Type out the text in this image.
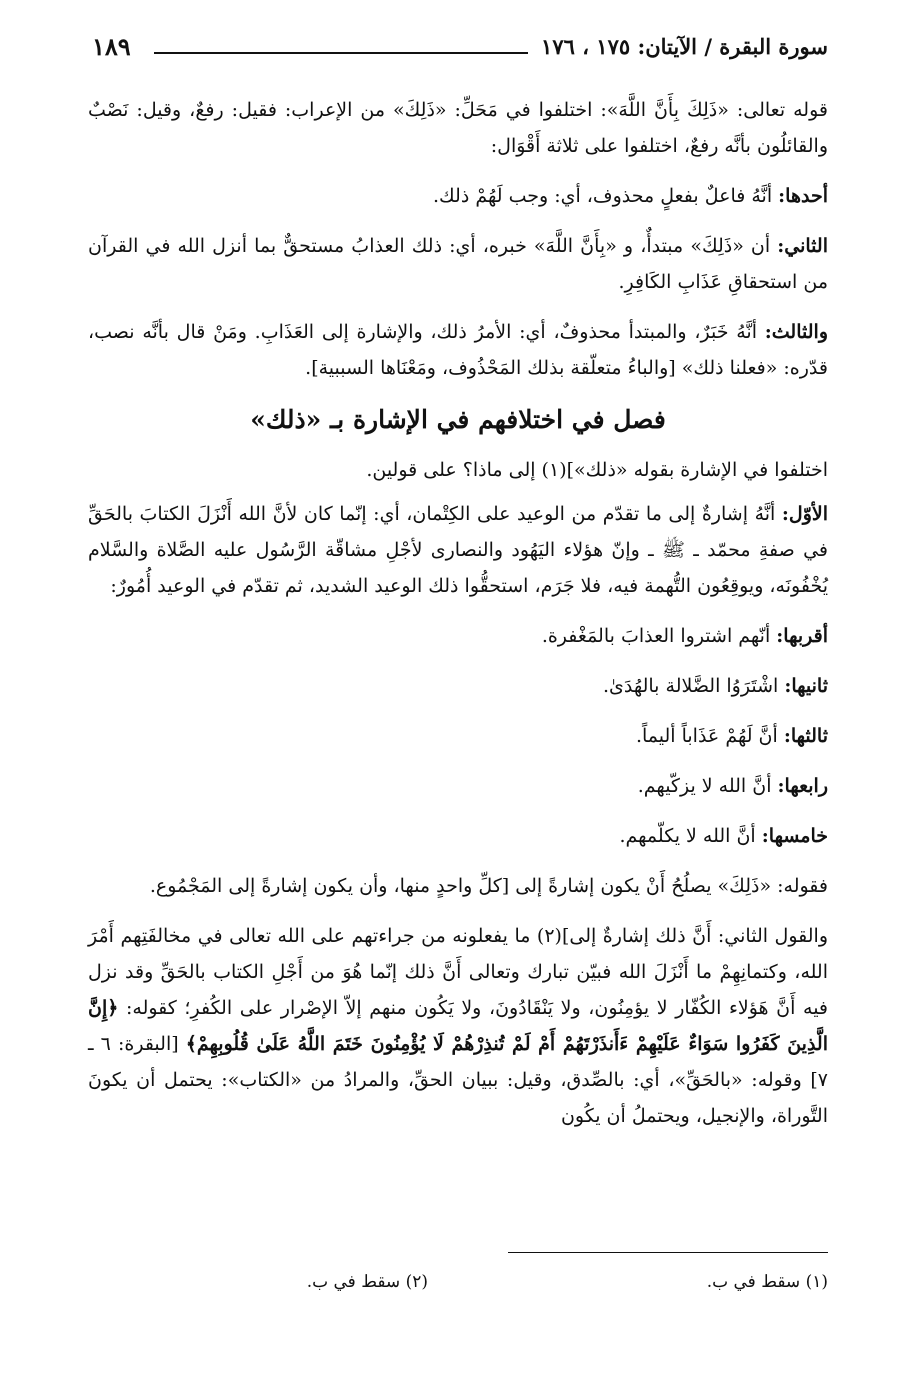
١٨٩	سورة البقرة / الآيتان: ١٧٥ ، ١٧٦

قوله تعالى: «ذَلِكَ بِأَنَّ اللَّهَ»: اختلفوا في مَحَلِّ: «ذَلِكَ» من الإعراب: فقيل: رفعٌ، وقيل: نَصْبٌ والقائلُون بأنَّه رفعٌ، اختلفوا على ثلاثة أَقْوَال:

أحدها: أنَّهُ فاعلٌ بفعلٍ محذوف، أي: وجب لَهُمْ ذلك.

الثاني: أن «ذَلِكَ» مبتدأٌ، و «بِأَنَّ اللَّهَ» خبره، أي: ذلك العذابُ مستحقٌّ بما أنزل الله في القرآن من استحقاقِ عَذَابِ الكَافِرِ.

والثالث: أنَّهُ خَبَرٌ، والمبتدأ محذوفٌ، أي: الأمرُ ذلك، والإشارة إلى العَذَابِ. ومَنْ قال بأنَّه نصب، قدّره: «فعلنا ذلك» [والباءُ متعلّقة بذلك المَحْذُوف، ومَعْنَاها السببية].

فصل في اختلافهم في الإشارة بـ «ذلك»

اختلفوا في الإشارة بقوله «ذلك»](١) إلى ماذا؟ على قولين.

الأوّل: أنَّهُ إشارةٌ إلى ما تقدّم من الوعيد على الكِتْمان، أي: إنّما كان لأنَّ الله أَنْزَلَ الكتابَ بالحَقِّ في صفةِ محمّد ـ ﷺ ـ وإنّ هؤلاء اليَهُود والنصارى لأجْلِ مشاقّة الرَّسُول عليه الصَّلاة والسَّلام يُخْفُونَه، ويوقِعُون التُّهمة فيه، فلا جَرَم، استحقُّوا ذلك الوعيد الشديد، ثم تقدّم في الوعيد أُمُورٌ:

أقربها: أنّهم اشتروا العذابَ بالمَغْفرة.

ثانيها: اشْتَرَوُا الضَّلالة بالهُدَىٰ.

ثالثها: أنَّ لَهُمْ عَذَاباً أليماً.

رابعها: أنَّ الله لا يزكّيهم.

خامسها: أنَّ الله لا يكلّمهم.

فقوله: «ذَلِكَ» يصلُحُ أَنْ يكون إشارةً إلى [كلِّ واحدٍ منها، وأن يكون إشارةً إلى المَجْمُوع.

والقول الثاني: أَنَّ ذلك إشارةٌ إلى](٢) ما يفعلونه من جراءتهم على الله تعالى في مخالفَتِهم أَمْرَ الله، وكتمانِهِمْ ما أَنْزَلَ الله فبيّن تبارك وتعالى أَنَّ ذلك إنّما هُوَ من أَجْلِ الكتاب بالحَقِّ وقد نزل فيه أَنَّ هَؤلاء الكُفّار لا يؤمِنُون، ولا يَنْقَادُونَ، ولا يَكُون منهم إلاّ الإصْرار على الكُفرِ؛ كقوله: ﴿إِنَّ الَّذِينَ كَفَرُوا سَوَاءٌ عَلَيْهِمْ ءَأَنذَرْتَهُمْ أَمْ لَمْ تُنذِرْهُمْ لَا يُؤْمِنُونَ خَتَمَ اللَّهُ عَلَىٰ قُلُوبِهِمْ﴾ [البقرة: ٦ ـ ٧] وقوله: «بالحَقِّ»، أي: بالصِّدق، وقيل: ببيان الحقِّ، والمرادُ من «الكتاب»: يحتمل أن يكونَ التَّوراة، والإنجيل، ويحتملُ أن يكُون

(١) سقط في ب.
(٢) سقط في ب.
